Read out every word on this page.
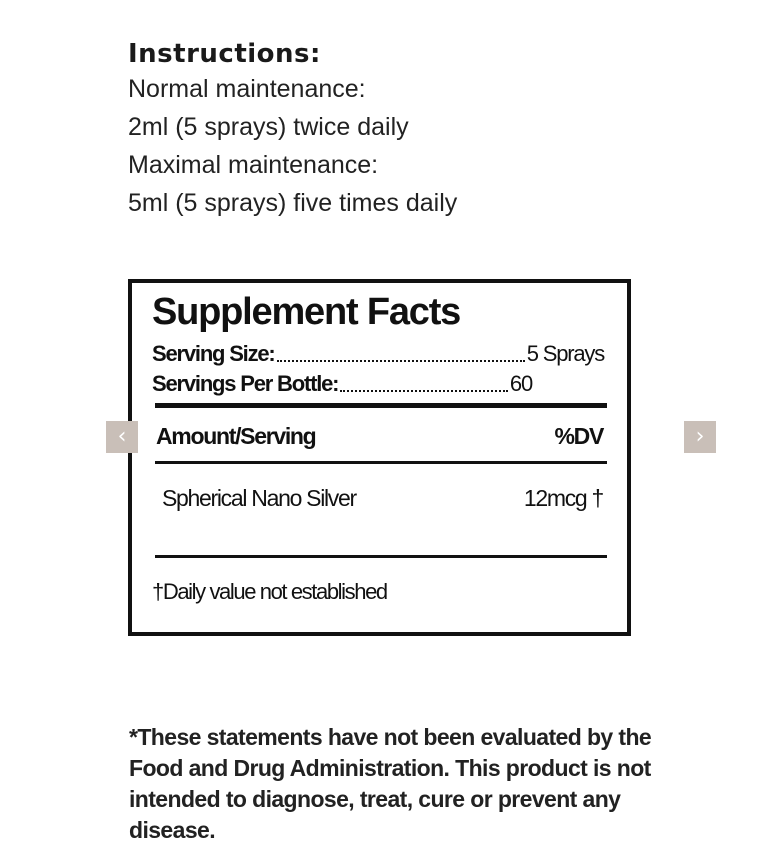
Instructions:

Normal maintenance:

2ml (5 sprays) twice daily

Maximal maintenance:

5ml (5 sprays) five times daily

Supplement Facts

Serving Size:	5 Sprays
Servings Per Bottle:	60
Amount/Serving	%DV
Spherical Nano Silver	12mcg †
†Daily value not established
‹	›

*These statements have not been evaluated by the Food and Drug Administration. This product is not intended to diagnose, treat, cure or prevent any disease.
